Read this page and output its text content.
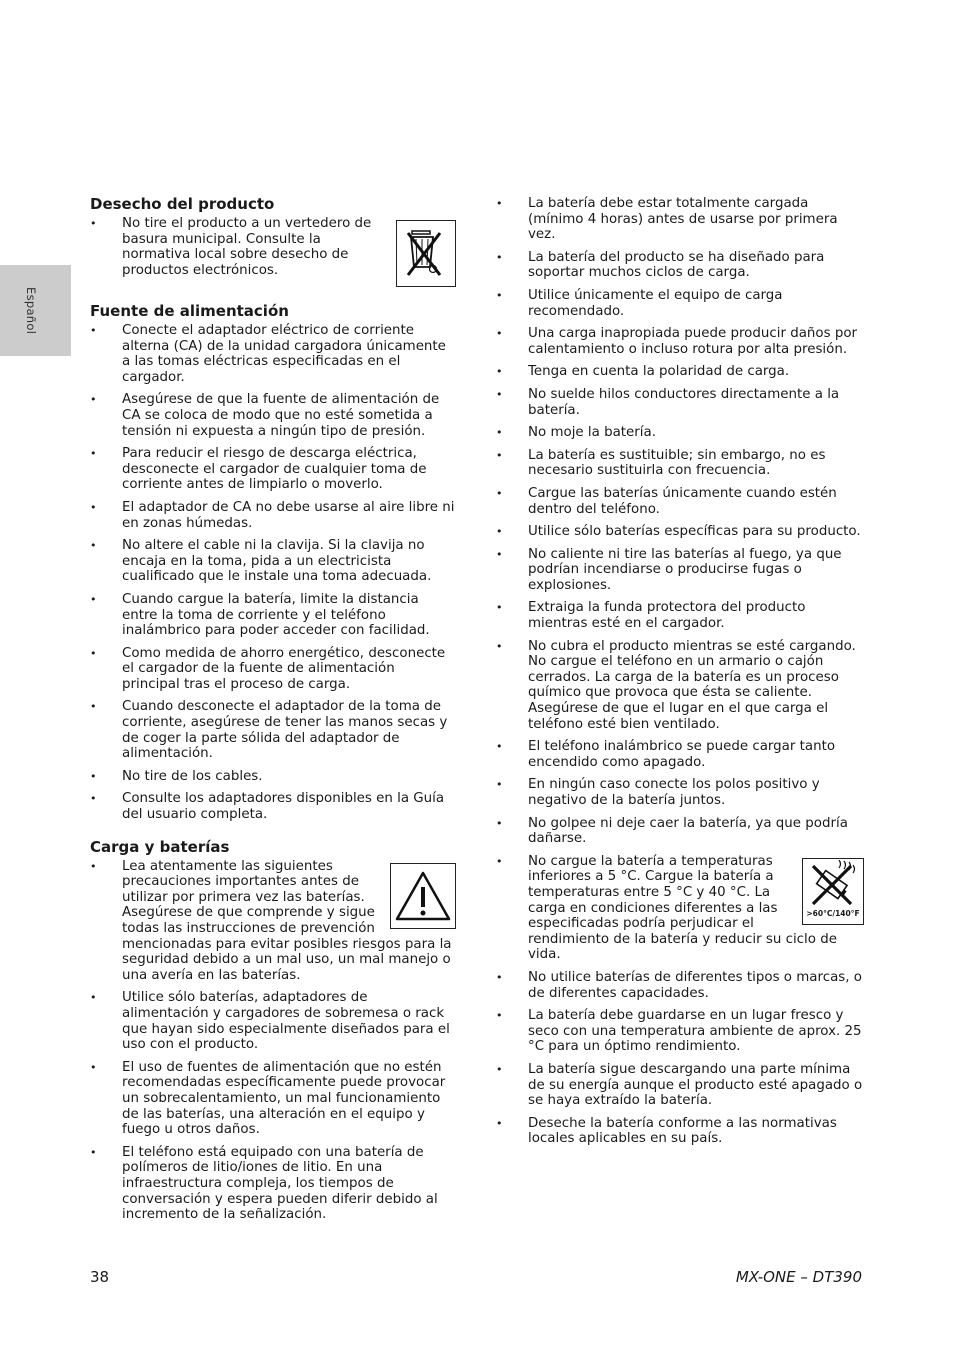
Español
Desecho del producto
• No tire el producto a un vertedero de basura municipal. Consulte la normativa local sobre desecho de productos electrónicos.
Fuente de alimentación
• Conecte el adaptador eléctrico de corriente alterna (CA) de la unidad cargadora únicamente a las tomas eléctricas especificadas en el cargador.
• Asegúrese de que la fuente de alimentación de CA se coloca de modo que no esté sometida a tensión ni expuesta a ningún tipo de presión.
• Para reducir el riesgo de descarga eléctrica, desconecte el cargador de cualquier toma de corriente antes de limpiarlo o moverlo.
• El adaptador de CA no debe usarse al aire libre ni en zonas húmedas.
• No altere el cable ni la clavija. Si la clavija no encaja en la toma, pida a un electricista cualificado que le instale una toma adecuada.
• Cuando cargue la batería, limite la distancia entre la toma de corriente y el teléfono inalámbrico para poder acceder con facilidad.
• Como medida de ahorro energético, desconecte el cargador de la fuente de alimentación principal tras el proceso de carga.
• Cuando desconecte el adaptador de la toma de corriente, asegúrese de tener las manos secas y de coger la parte sólida del adaptador de alimentación.
• No tire de los cables.
• Consulte los adaptadores disponibles en la Guía del usuario completa.
Carga y baterías
• Lea atentamente las siguientes precauciones importantes antes de utilizar por primera vez las baterías. Asegúrese de que comprende y sigue todas las instrucciones de prevención mencionadas para evitar posibles riesgos para la seguridad debido a un mal uso, un mal manejo o una avería en las baterías.
• Utilice sólo baterías, adaptadores de alimentación y cargadores de sobremesa o rack que hayan sido especialmente diseñados para el uso con el producto.
• El uso de fuentes de alimentación que no estén recomendadas específicamente puede provocar un sobrecalentamiento, un mal funcionamiento de las baterías, una alteración en el equipo y fuego u otros daños.
• El teléfono está equipado con una batería de polímeros de litio/iones de litio. En una infraestructura compleja, los tiempos de conversación y espera pueden diferir debido al incremento de la señalización.
• La batería debe estar totalmente cargada (mínimo 4 horas) antes de usarse por primera vez.
• La batería del producto se ha diseñado para soportar muchos ciclos de carga.
• Utilice únicamente el equipo de carga recomendado.
• Una carga inapropiada puede producir daños por calentamiento o incluso rotura por alta presión.
• Tenga en cuenta la polaridad de carga.
• No suelde hilos conductores directamente a la batería.
• No moje la batería.
• La batería es sustituible; sin embargo, no es necesario sustituirla con frecuencia.
• Cargue las baterías únicamente cuando estén dentro del teléfono.
• Utilice sólo baterías específicas para su producto.
• No caliente ni tire las baterías al fuego, ya que podrían incendiarse o producirse fugas o explosiones.
• Extraiga la funda protectora del producto mientras esté en el cargador.
• No cubra el producto mientras se esté cargando. No cargue el teléfono en un armario o cajón cerrados. La carga de la batería es un proceso químico que provoca que ésta se caliente. Asegúrese de que el lugar en el que carga el teléfono esté bien ventilado.
• El teléfono inalámbrico se puede cargar tanto encendido como apagado.
• En ningún caso conecte los polos positivo y negativo de la batería juntos.
• No golpee ni deje caer la batería, ya que podría dañarse.
• >60°C/140°F
No cargue la batería a temperaturas inferiores a 5 °C. Cargue la batería a temperaturas entre 5 °C y 40 °C. La carga en condiciones diferentes a las especificadas podría perjudicar el rendimiento de la batería y reducir su ciclo de vida.
• No utilice baterías de diferentes tipos o marcas, o de diferentes capacidades.
• La batería debe guardarse en un lugar fresco y seco con una temperatura ambiente de aprox. 25 °C para un óptimo rendimiento.
• La batería sigue descargando una parte mínima de su energía aunque el producto esté apagado o se haya extraído la batería.
• Deseche la batería conforme a las normativas locales aplicables en su país.
38	MX-ONE – DT390
